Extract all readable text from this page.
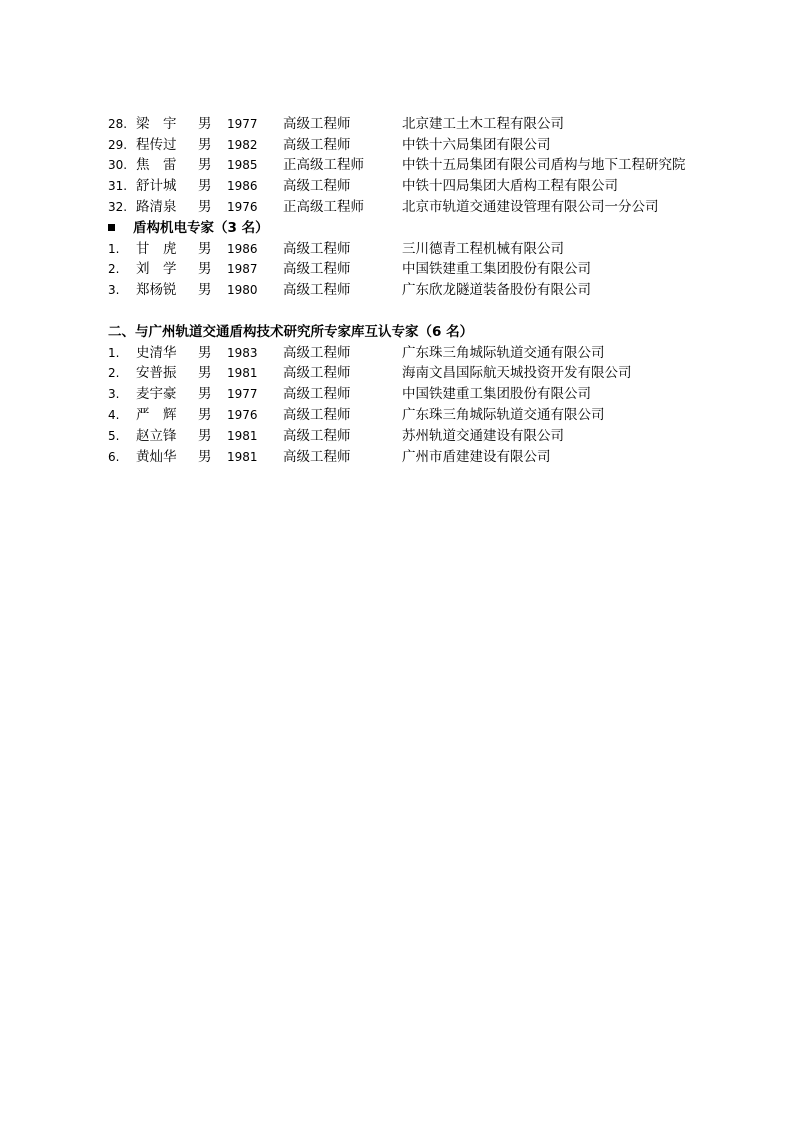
28. 梁　宇 男 1977 高级工程师	北京建工土木工程有限公司
29. 程传过 男 1982 高级工程师	中铁十六局集团有限公司
30. 焦　雷 男 1985 正高级工程师	中铁十五局集团有限公司盾构与地下工程研究院
31. 舒计城 男 1986 高级工程师	中铁十四局集团大盾构工程有限公司
32. 路清泉 男 1976 正高级工程师	北京市轨道交通建设管理有限公司一分公司
盾构机电专家（3 名）
1. 甘　虎 男 1986 高级工程师	三川德青工程机械有限公司
2. 刘　学 男 1987 高级工程师	中国铁建重工集团股份有限公司
3. 郑杨锐 男 1980 高级工程师	广东欣龙隧道装备股份有限公司
二、与广州轨道交通盾构技术研究所专家库互认专家（6 名）
1. 史清华 男 1983 高级工程师	广东珠三角城际轨道交通有限公司
2. 安普振 男 1981 高级工程师	海南文昌国际航天城投资开发有限公司
3. 麦宇豪 男 1977 高级工程师	中国铁建重工集团股份有限公司
4. 严　辉 男 1976 高级工程师	广东珠三角城际轨道交通有限公司
5. 赵立锋 男 1981 高级工程师	苏州轨道交通建设有限公司
6. 黄灿华 男 1981 高级工程师	广州市盾建建设有限公司
